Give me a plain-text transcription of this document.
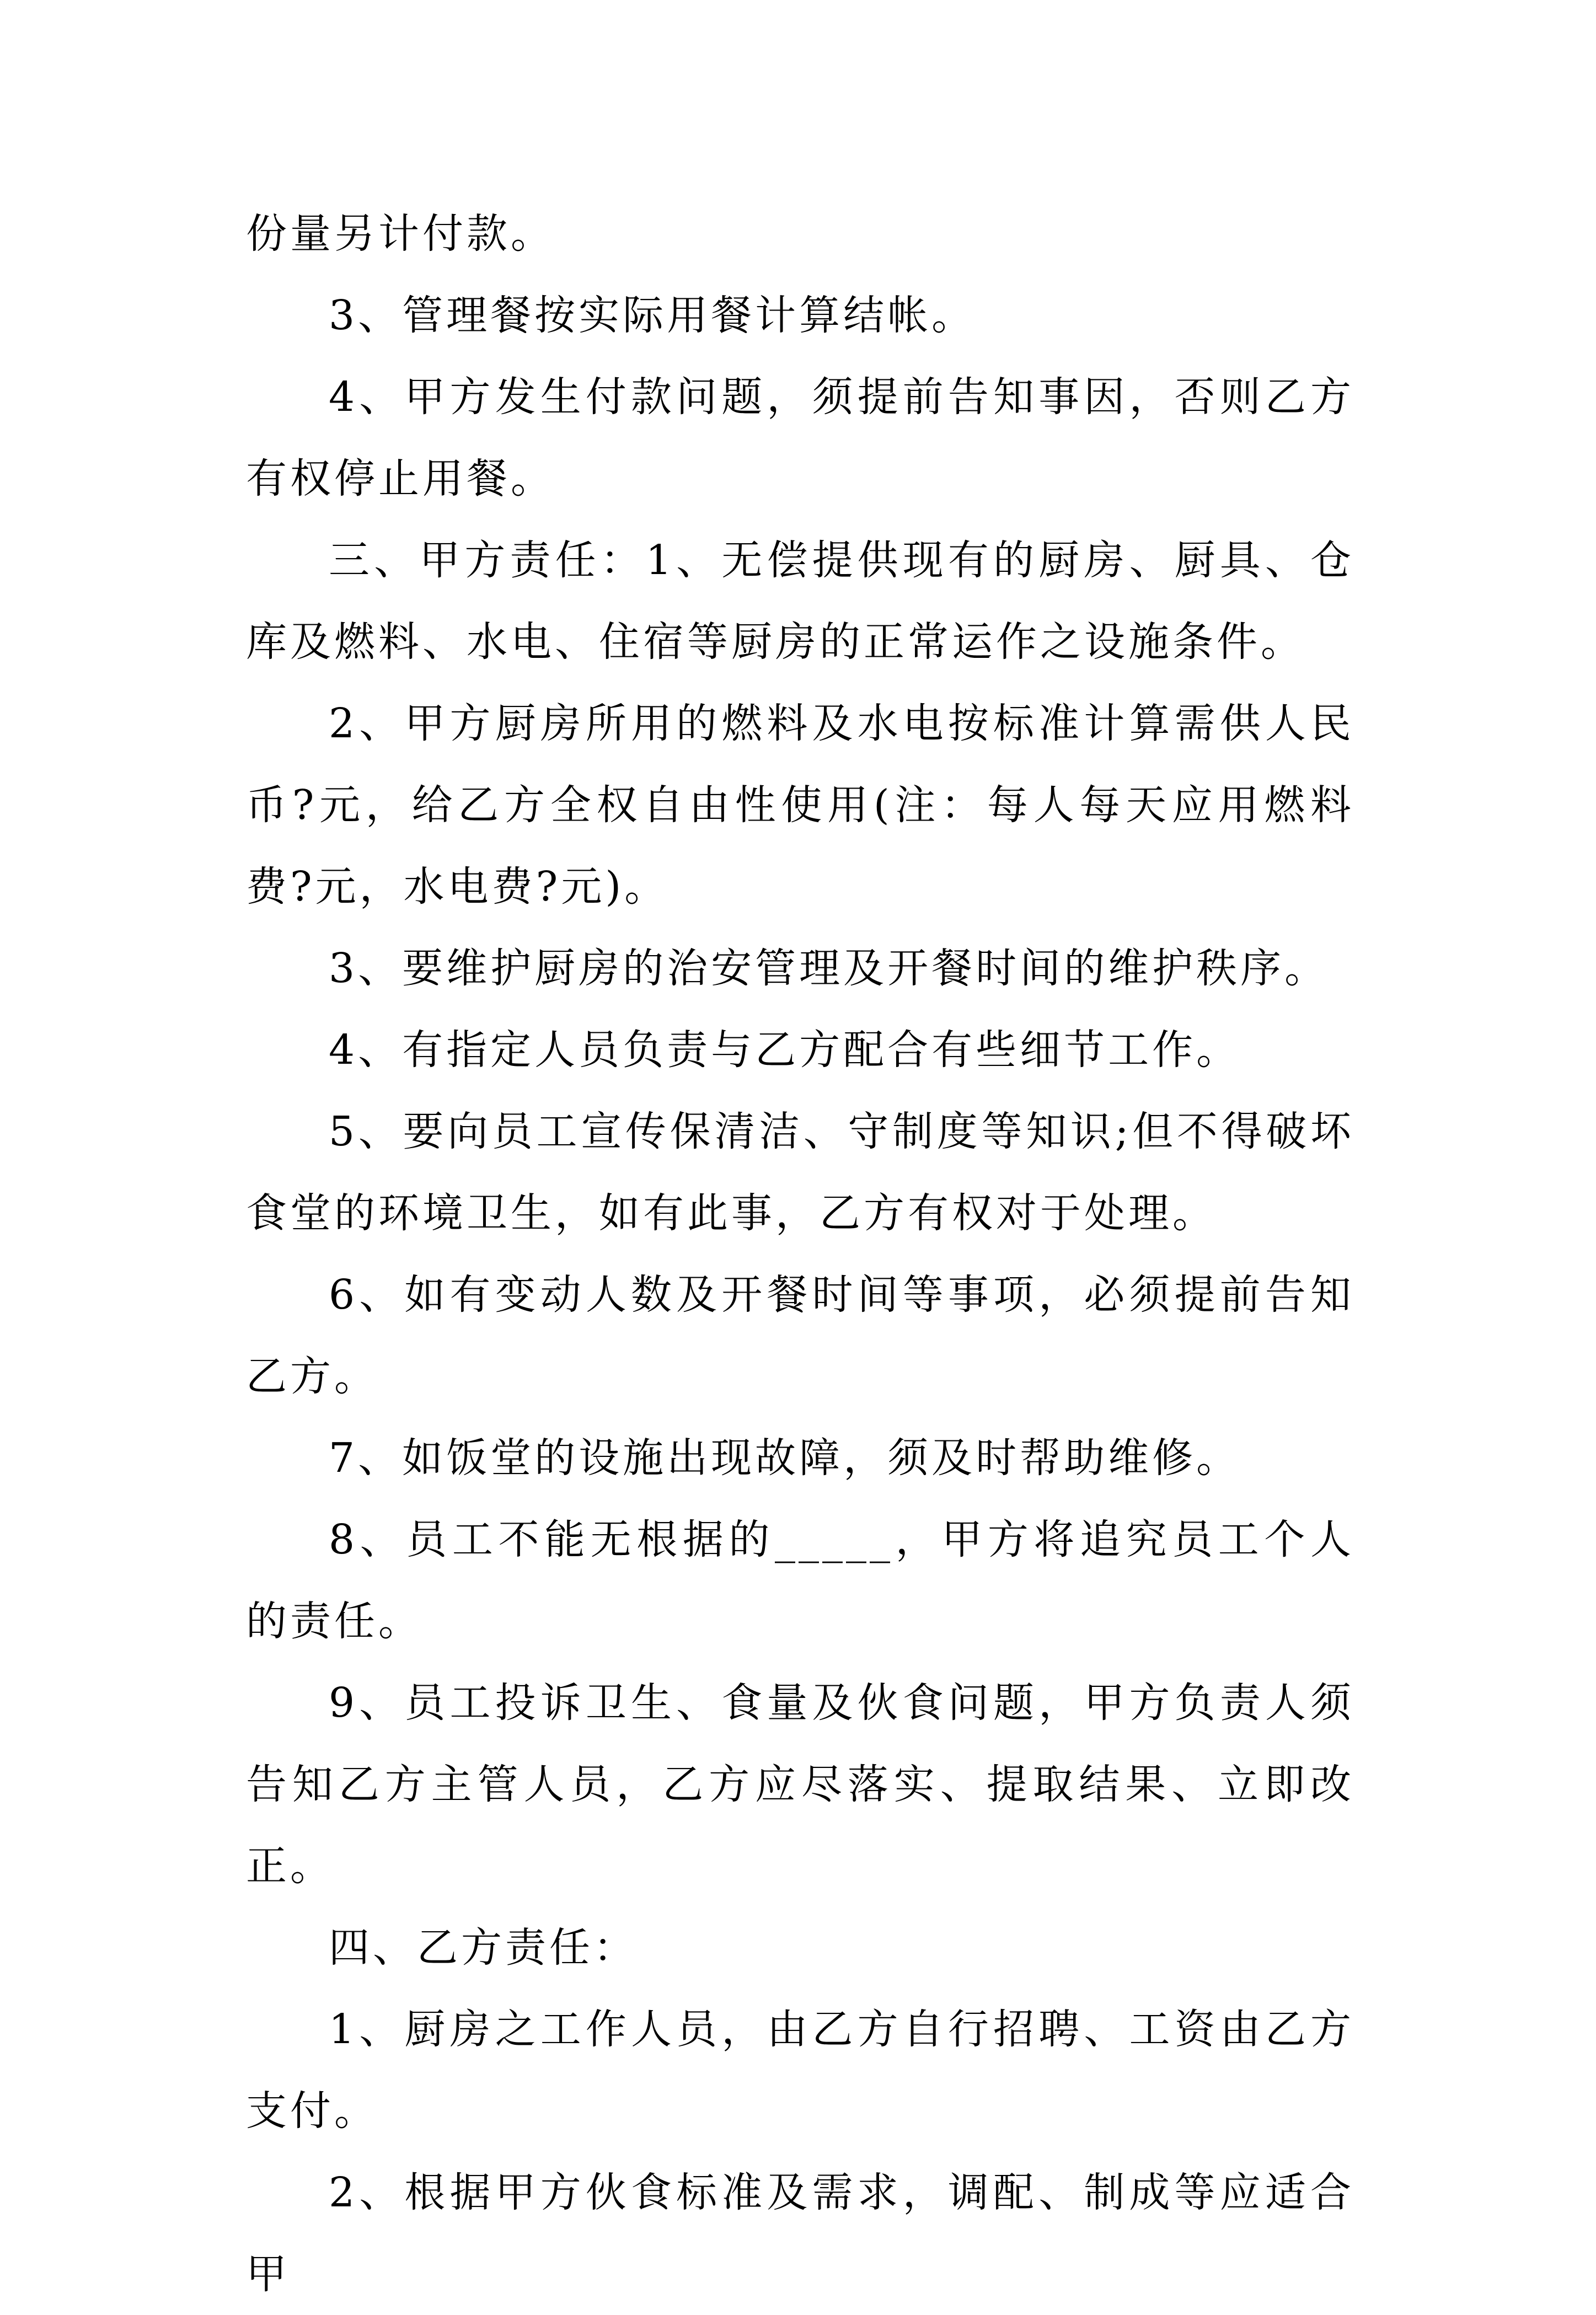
份量另计付款。

3、管理餐按实际用餐计算结帐。

4、甲方发生付款问题，须提前告知事因，否则乙方有权停止用餐。

三、甲方责任：1、无偿提供现有的厨房、厨具、仓库及燃料、水电、住宿等厨房的正常运作之设施条件。

2、甲方厨房所用的燃料及水电按标准计算需供人民币?元，给乙方全权自由性使用(注：每人每天应用燃料费?元，水电费?元)。

3、要维护厨房的治安管理及开餐时间的维护秩序。

4、有指定人员负责与乙方配合有些细节工作。

5、要向员工宣传保清洁、守制度等知识;但不得破坏食堂的环境卫生，如有此事，乙方有权对于处理。

6、如有变动人数及开餐时间等事项，必须提前告知乙方。

7、如饭堂的设施出现故障，须及时帮助维修。

8、员工不能无根据的_____，甲方将追究员工个人的责任。

9、员工投诉卫生、食量及伙食问题，甲方负责人须告知乙方主管人员，乙方应尽落实、提取结果、立即改正。

四、乙方责任：

1、厨房之工作人员，由乙方自行招聘、工资由乙方支付。

2、根据甲方伙食标准及需求，调配、制成等应适合甲
